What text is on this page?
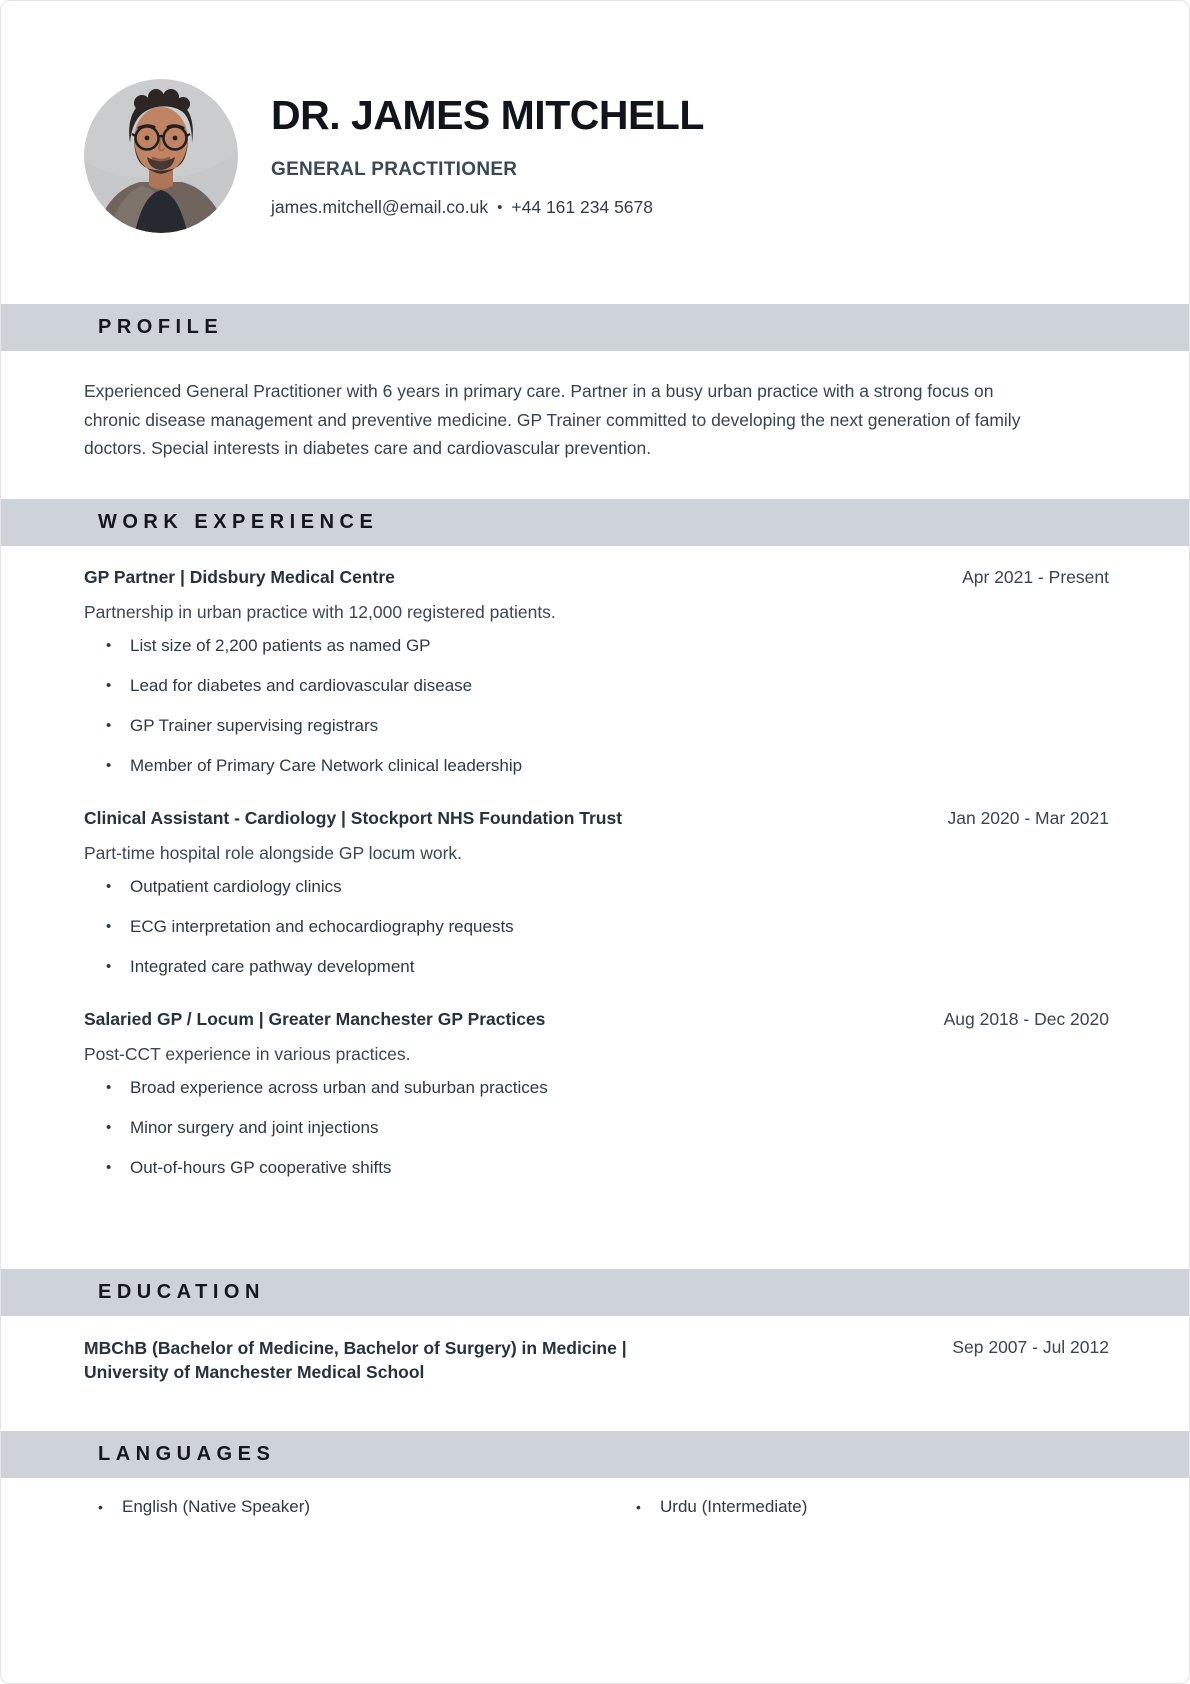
DR. JAMES MITCHELL
GENERAL PRACTITIONER
james.mitchell@email.co.uk • +44 161 234 5678
PROFILE
Experienced General Practitioner with 6 years in primary care. Partner in a busy urban practice with a strong focus on chronic disease management and preventive medicine. GP Trainer committed to developing the next generation of family doctors. Special interests in diabetes care and cardiovascular prevention.
WORK EXPERIENCE
GP Partner | Didsbury Medical Centre	Apr 2021 - Present
Partnership in urban practice with 12,000 registered patients.
•	List size of 2,200 patients as named GP
•	Lead for diabetes and cardiovascular disease
•	GP Trainer supervising registrars
•	Member of Primary Care Network clinical leadership
Clinical Assistant - Cardiology | Stockport NHS Foundation Trust	Jan 2020 - Mar 2021
Part-time hospital role alongside GP locum work.
•	Outpatient cardiology clinics
•	ECG interpretation and echocardiography requests
•	Integrated care pathway development
Salaried GP / Locum | Greater Manchester GP Practices	Aug 2018 - Dec 2020
Post-CCT experience in various practices.
•	Broad experience across urban and suburban practices
•	Minor surgery and joint injections
•	Out-of-hours GP cooperative shifts
EDUCATION
MBChB (Bachelor of Medicine, Bachelor of Surgery) in Medicine |
University of Manchester Medical School
Sep 2007 - Jul 2012
LANGUAGES
•	English (Native Speaker)	•	Urdu (Intermediate)
